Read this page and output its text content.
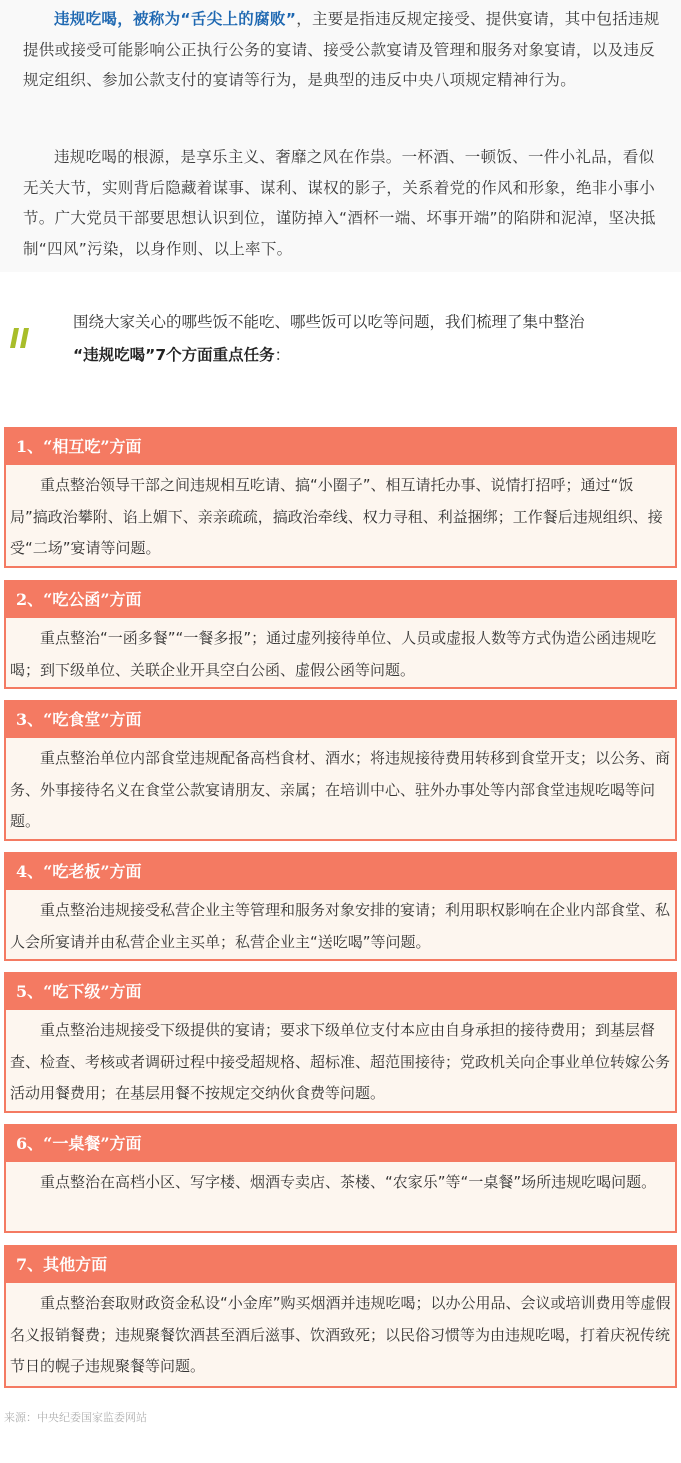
违规吃喝，被称为“舌尖上的腐败”，主要是指违反规定接受、提供宴请，其中包括违规提供或接受可能影响公正执行公务的宴请、接受公款宴请及管理和服务对象宴请，以及违反规定组织、参加公款支付的宴请等行为，是典型的违反中央八项规定精神行为。

违规吃喝的根源，是享乐主义、奢靡之风在作祟。一杯酒、一顿饭、一件小礼品，看似无关大节，实则背后隐藏着谋事、谋利、谋权的影子，关系着党的作风和形象，绝非小事小节。广大党员干部要思想认识到位，谨防掉入“酒杯一端、坏事开端”的陷阱和泥淖，坚决抵制“四风”污染，以身作则、以上率下。

围绕大家关心的哪些饭不能吃、哪些饭可以吃等问题，我们梳理了集中整治
“违规吃喝”7个方面重点任务：

1、“相互吃”方面

重点整治领导干部之间违规相互吃请、搞“小圈子”、相互请托办事、说情打招呼；通过“饭局”搞政治攀附、谄上媚下、亲亲疏疏，搞政治牵线、权力寻租、利益捆绑；工作餐后违规组织、接受“二场”宴请等问题。

2、“吃公函”方面

重点整治“一函多餐”“一餐多报”；通过虚列接待单位、人员或虚报人数等方式伪造公函违规吃喝；到下级单位、关联企业开具空白公函、虚假公函等问题。

3、“吃食堂”方面

重点整治单位内部食堂违规配备高档食材、酒水；将违规接待费用转移到食堂开支；以公务、商务、外事接待名义在食堂公款宴请朋友、亲属；在培训中心、驻外办事处等内部食堂违规吃喝等问题。

4、“吃老板”方面

重点整治违规接受私营企业主等管理和服务对象安排的宴请；利用职权影响在企业内部食堂、私人会所宴请并由私营企业主买单；私营企业主“送吃喝”等问题。

5、“吃下级”方面

重点整治违规接受下级提供的宴请；要求下级单位支付本应由自身承担的接待费用；到基层督查、检查、考核或者调研过程中接受超规格、超标准、超范围接待；党政机关向企事业单位转嫁公务活动用餐费用；在基层用餐不按规定交纳伙食费等问题。

6、“一桌餐”方面

重点整治在高档小区、写字楼、烟酒专卖店、茶楼、“农家乐”等“一桌餐”场所违规吃喝问题。

7、其他方面

重点整治套取财政资金私设“小金库”购买烟酒并违规吃喝；以办公用品、会议或培训费用等虚假名义报销餐费；违规聚餐饮酒甚至酒后滋事、饮酒致死；以民俗习惯等为由违规吃喝，打着庆祝传统节日的幌子违规聚餐等问题。

来源：中央纪委国家监委网站
